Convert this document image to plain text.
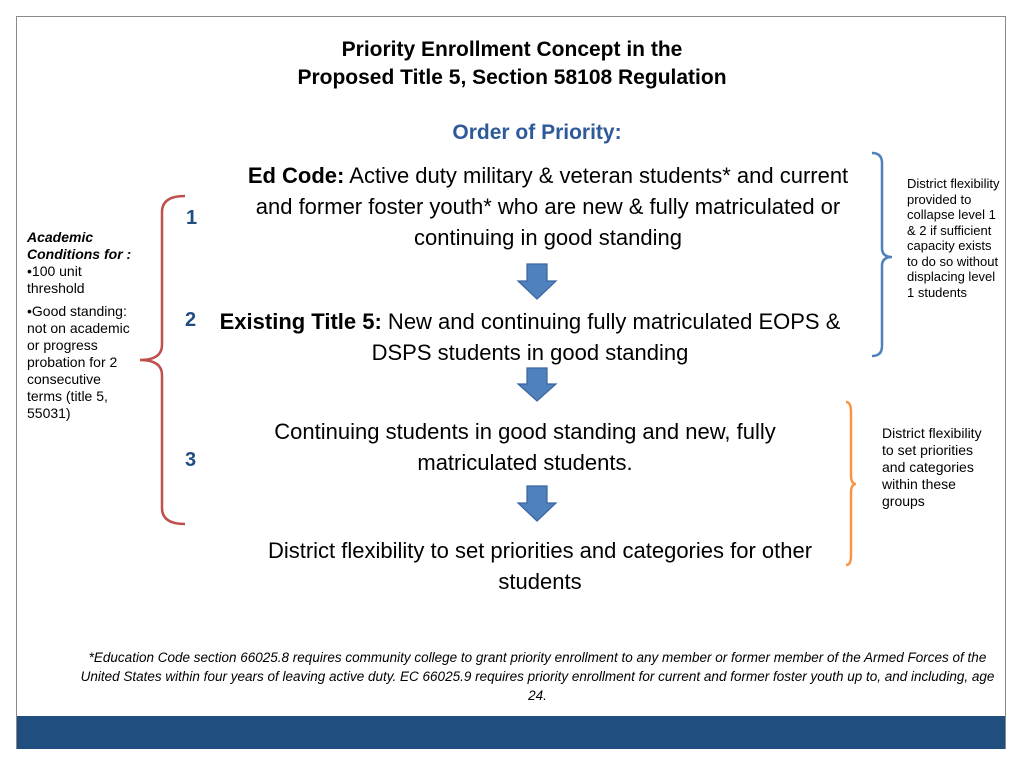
Priority Enrollment Concept in the
Proposed Title 5, Section 58108 Regulation
Order of Priority:
1
Ed Code: Active duty military & veteran students* and current and former foster youth* who are new & fully matriculated or continuing in good standing
2	Existing Title 5: New and continuing fully matriculated EOPS & DSPS students in good standing
3
Continuing students in good standing and new, fully matriculated students.
District flexibility to set priorities and categories for other students

Academic Conditions for :

•100 unit threshold

•Good standing: not on academic or progress probation for 2 consecutive terms (title 5, 55031)

District flexibility provided to collapse level 1 & 2 if sufficient capacity exists to do so without displacing level 1 students
District flexibility to set priorities and categories within these groups
*Education Code section 66025.8 requires community college to grant priority enrollment to any member or former member of the Armed Forces of the United States within four years of leaving active duty. EC 66025.9 requires priority enrollment for current and former foster youth up to, and including, age 24.
